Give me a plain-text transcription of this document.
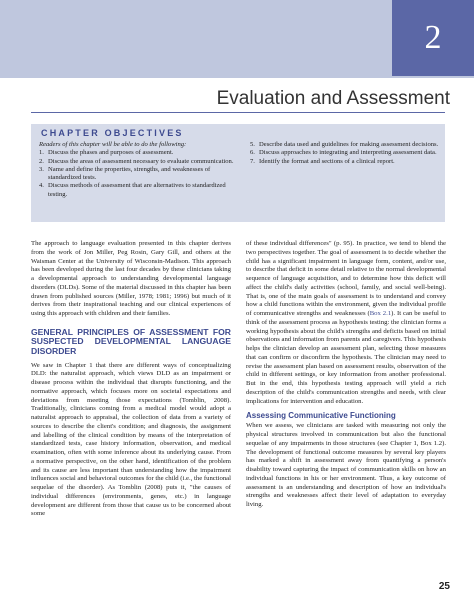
2
Evaluation and Assessment
CHAPTER OBJECTIVES
Readers of this chapter will be able to do the following:
1. Discuss the phases and purposes of assessment.
2. Discuss the areas of assessment necessary to evaluate communication.
3. Name and define the properties, strengths, and weaknesses of standardized tests.
4. Discuss methods of assessment that are alternatives to standardized testing.
5. Describe data used and guidelines for making assessment decisions.
6. Discuss approaches to integrating and interpreting assessment data.
7. Identify the format and sections of a clinical report.

The approach to language evaluation presented in this chapter derives from the work of Jon Miller, Peg Rosin, Gary Gill, and others at the Waisman Center at the University of Wisconsin-Madison. This approach has been developed during the last four decades by these clinicians taking a developmental approach to understanding developmental language disorders (DLDs). Some of the material discussed in this chapter has been drawn from published sources (Miller, 1978; 1981; 1996) but much of it derives from their inspirational teaching and our clinical experiences of using this approach with children and their families.

GENERAL PRINCIPLES OF ASSESSMENT FOR SUSPECTED DEVELOPMENTAL LANGUAGE DISORDER

We saw in Chapter 1 that there are different ways of conceptualizing DLD: the naturalist approach, which views DLD as an impairment or disease process within the individual that disrupts functioning, and the normative approach, which focuses more on societal expectations and deviations from meeting those expectations (Tomblin, 2008). Traditionally, clinicians coming from a medical model would adopt a naturalist approach to appraisal, the collection of data from a variety of sources to describe the client's condition; and diagnosis, the assignment and labelling of the clinical condition by means of the interpretation of standardized tests, case history information, observation, and medical examination, often with some inference about its underlying cause. From a normative perspective, on the other hand, identification of the problem and its cause are less important than understanding how the impairment influences social and behavioral outcomes for the child (i.e., the functional sequelae of the disorder). As Tomblin (2008) puts it, "the causes of individual differences (environments, genes, etc.) in language development are different from those that cause us to be concerned about some

of these individual differences" (p. 95). In practice, we tend to blend the two perspectives together. The goal of assessment is to decide whether the child has a significant impairment in language form, content, and/or use, to describe that deficit in some detail relative to the normal developmental sequence of language acquisition, and to determine how this deficit will affect the child's daily activities (school, family, and social well-being). That is, one of the main goals of assessment is to understand and convey how a child functions within the environment, given the individual profile of communicative strengths and weaknesses (Box 2.1). It can be useful to think of the assessment process as hypothesis testing: the clinician forms a working hypothesis about the child's strengths and deficits based on initial observations and information from parents and caregivers. This hypothesis helps the clinician develop an assessment plan, selecting those measures that can confirm or disconfirm the hypothesis. The clinician may need to revise the assessment plan based on assessment results, observation of the child in different settings, or key information from another professional. But in the end, this hypothesis testing approach will yield a rich description of the child's communication strengths and needs, with clear implications for intervention and education.

Assessing Communicative Functioning

When we assess, we clinicians are tasked with measuring not only the physical structures involved in communication but also the functional sequelae of any impairments in those structures (see Chapter 1, Box 1.2). The development of functional outcome measures by several key players has marked a shift in assessment away from quantifying a person's disability toward capturing the impact of communication skills on how an individual functions in his or her environment. Thus, a key outcome of assessment is an understanding and description of how an individual's strengths and weaknesses affect their level of adaptation to everyday living.

25
